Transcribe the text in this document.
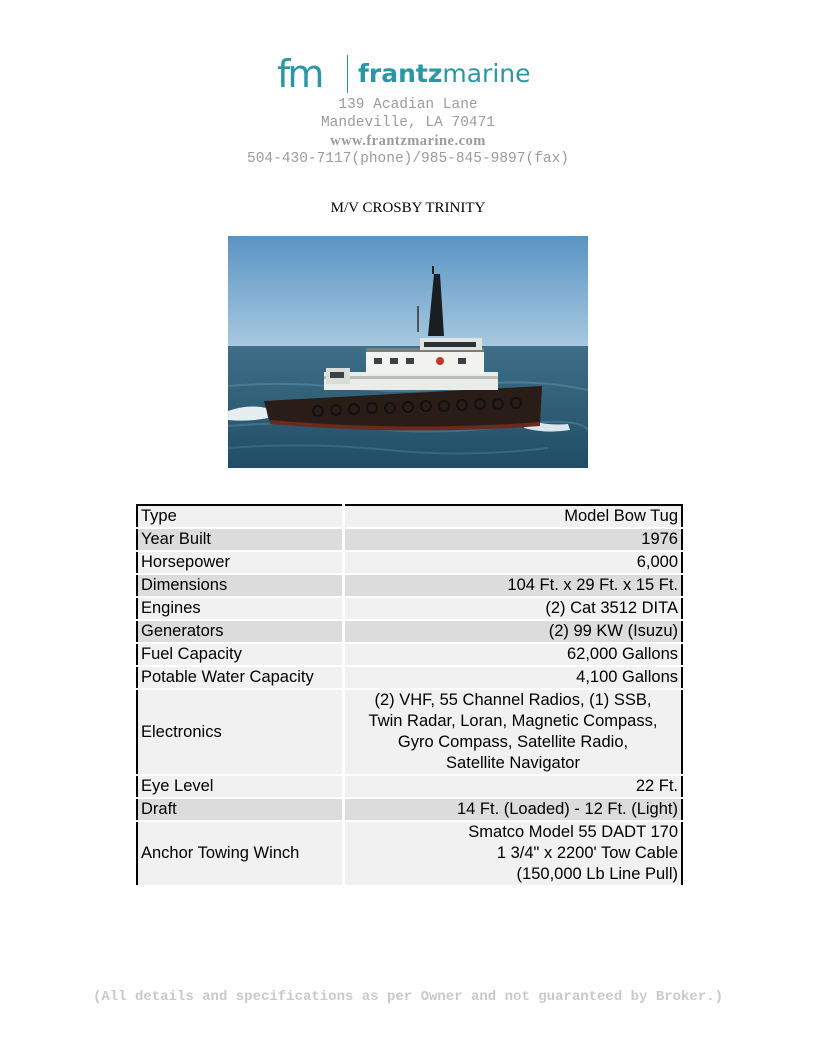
fm	frantzmarine
139 Acadian Lane
Mandeville, LA 70471
www.frantzmarine.com
504-430-7117(phone)/985-845-9897(fax)
M/V CROSBY TRINITY
Type	Model Bow Tug
Year Built	1976
Horsepower	6,000
Dimensions	104 Ft. x 29 Ft. x 15 Ft.
Engines	(2) Cat 3512 DITA
Generators	(2) 99 KW (Isuzu)
Fuel Capacity	62,000 Gallons
Potable Water Capacity	4,100 Gallons
Electronics	(2) VHF, 55 Channel Radios, (1) SSB,
Twin Radar, Loran, Magnetic Compass,
Gyro Compass, Satellite Radio,
Satellite Navigator

Eye Level	22 Ft.
Draft	14 Ft. (Loaded) - 12 Ft. (Light)
Anchor Towing Winch	Smatco Model 55 DADT 170
1 3/4" x 2200' Tow Cable
(150,000 Lb Line Pull)
(All details and specifications as per Owner and not guaranteed by Broker.)
